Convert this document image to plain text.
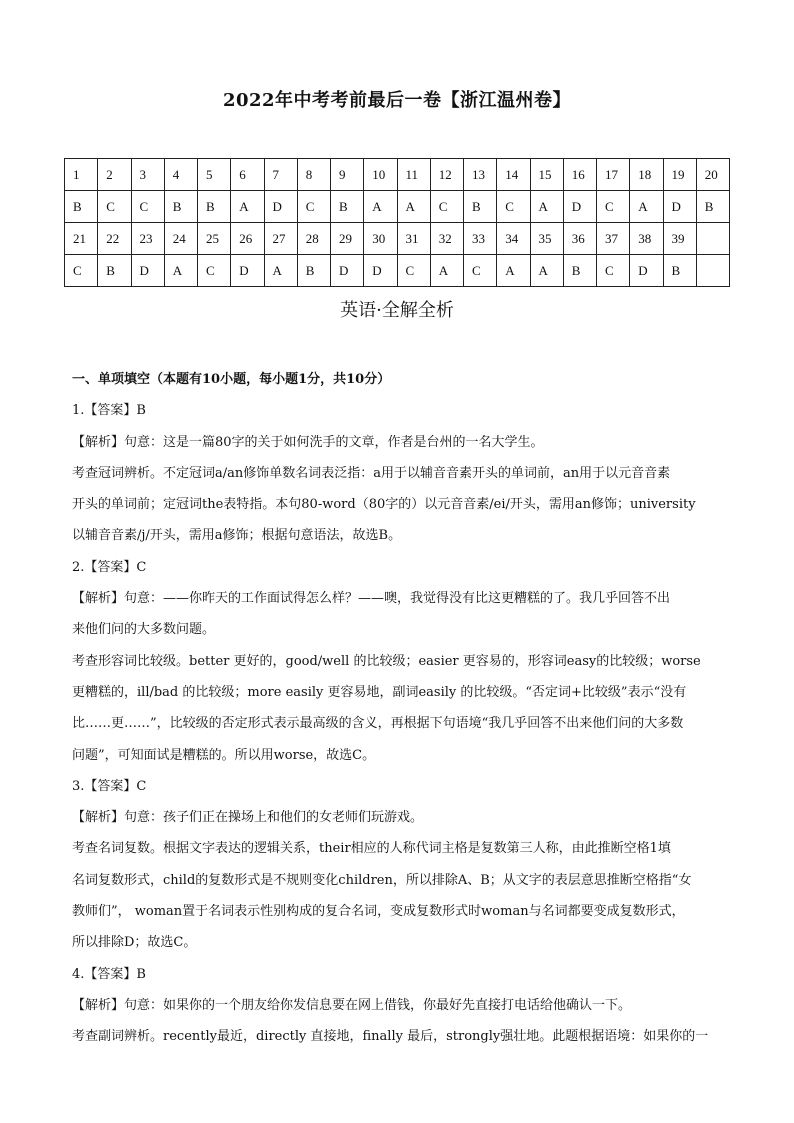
2022年中考考前最后一卷【浙江温州卷】
1	2	3	4	5	6	7	8	9	10	11	12	13	14	15	16	17	18	19	20
B	C	C	B	B	A	D	C	B	A	A	C	B	C	A	D	C	A	D	B
21	22	23	24	25	26	27	28	29	30	31	32	33	34	35	36	37	38	39	
C	B	D	A	C	D	A	B	D	D	C	A	C	A	A	B	C	D	B	
英语·全解全析

一、单项填空（本题有10小题，每小题1分，共10分）

1.【答案】B

【解析】句意：这是一篇80字的关于如何洗手的文章，作者是台州的一名大学生。

考查冠词辨析。不定冠词a/an修饰单数名词表泛指：a用于以辅音音素开头的单词前，an用于以元音音素

开头的单词前；定冠词the表特指。本句80-word（80字的）以元音音素/ei/开头，需用an修饰；university

以辅音音素/j/开头，需用a修饰；根据句意语法，故选B。

2.【答案】C

【解析】句意：——你昨天的工作面试得怎么样？——噢，我觉得没有比这更糟糕的了。我几乎回答不出

来他们问的大多数问题。

考查形容词比较级。better 更好的，good/well 的比较级；easier 更容易的，形容词easy的比较级；worse

更糟糕的，ill/bad 的比较级；more easily 更容易地，副词easily 的比较级。“否定词+比较级”表示“没有

比……更……”，比较级的否定形式表示最高级的含义，再根据下句语境“我几乎回答不出来他们问的大多数

问题”，可知面试是糟糕的。所以用worse，故选C。

3.【答案】C

【解析】句意：孩子们正在操场上和他们的女老师们玩游戏。

考查名词复数。根据文字表达的逻辑关系，their相应的人称代词主格是复数第三人称，由此推断空格1填

名词复数形式，child的复数形式是不规则变化children，所以排除A、B；从文字的表层意思推断空格指“女

教师们”， woman置于名词表示性别构成的复合名词，变成复数形式时woman与名词都要变成复数形式，

所以排除D；故选C。

4.【答案】B

【解析】句意：如果你的一个朋友给你发信息要在网上借钱，你最好先直接打电话给他确认一下。

考查副词辨析。recently最近，directly 直接地，finally 最后，strongly强壮地。此题根据语境：如果你的一
